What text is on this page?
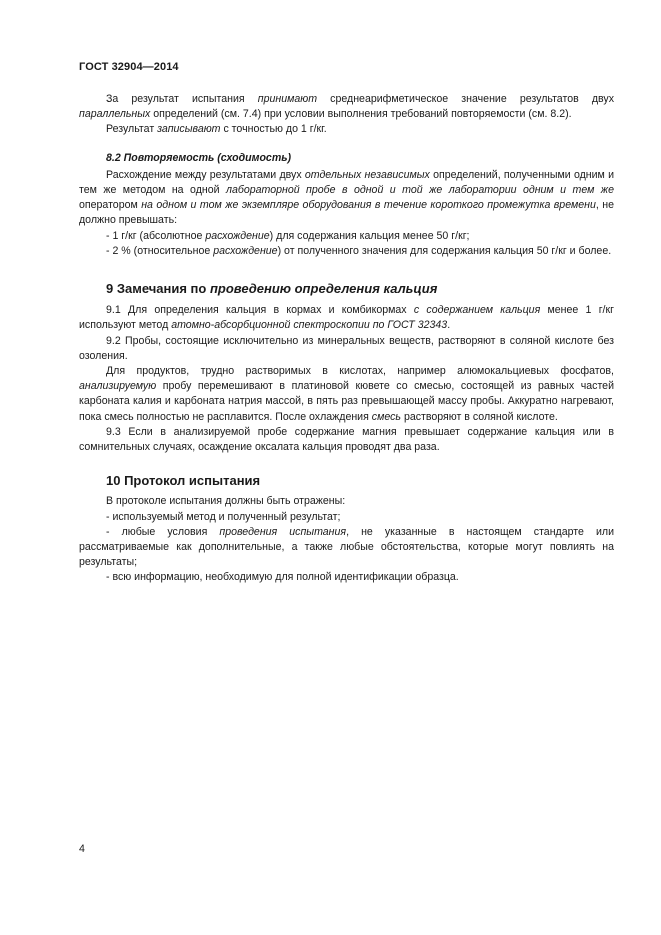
ГОСТ 32904—2014

За результат испытания принимают среднеарифметическое значение результатов двух параллельных определений (см. 7.4) при условии выполнения требований повторяемости (см. 8.2).

Результат записывают с точностью до 1 г/кг.

8.2 Повторяемость (сходимость)

Расхождение между результатами двух отдельных независимых определений, полученными одним и тем же методом на одной лабораторной пробе в одной и той же лаборатории одним и тем же оператором на одном и том же экземпляре оборудования в течение короткого промежутка времени, не должно превышать:

- 1 г/кг (абсолютное расхождение) для содержания кальция менее 50 г/кг;

- 2 % (относительное расхождение) от полученного значения для содержания кальция 50 г/кг и более.

9 Замечания по проведению определения кальция

9.1 Для определения кальция в кормах и комбикормах с содержанием кальция менее 1 г/кг используют метод атомно-абсорбционной спектроскопии по ГОСТ 32343.

9.2 Пробы, состоящие исключительно из минеральных веществ, растворяют в соляной кислоте без озоления.

Для продуктов, трудно растворимых в кислотах, например алюмокальциевых фосфатов, анализируемую пробу перемешивают в платиновой кювете со смесью, состоящей из равных частей карбоната калия и карбоната натрия массой, в пять раз превышающей массу пробы. Аккуратно нагревают, пока смесь полностью не расплавится. После охлаждения смесь растворяют в соляной кислоте.

9.3 Если в анализируемой пробе содержание магния превышает содержание кальция или в сомнительных случаях, осаждение оксалата кальция проводят два раза.

10 Протокол испытания

В протоколе испытания должны быть отражены:

- используемый метод и полученный результат;

- любые условия проведения испытания, не указанные в настоящем стандарте или рассматриваемые как дополнительные, а также любые обстоятельства, которые могут повлиять на результаты;

- всю информацию, необходимую для полной идентификации образца.

4
